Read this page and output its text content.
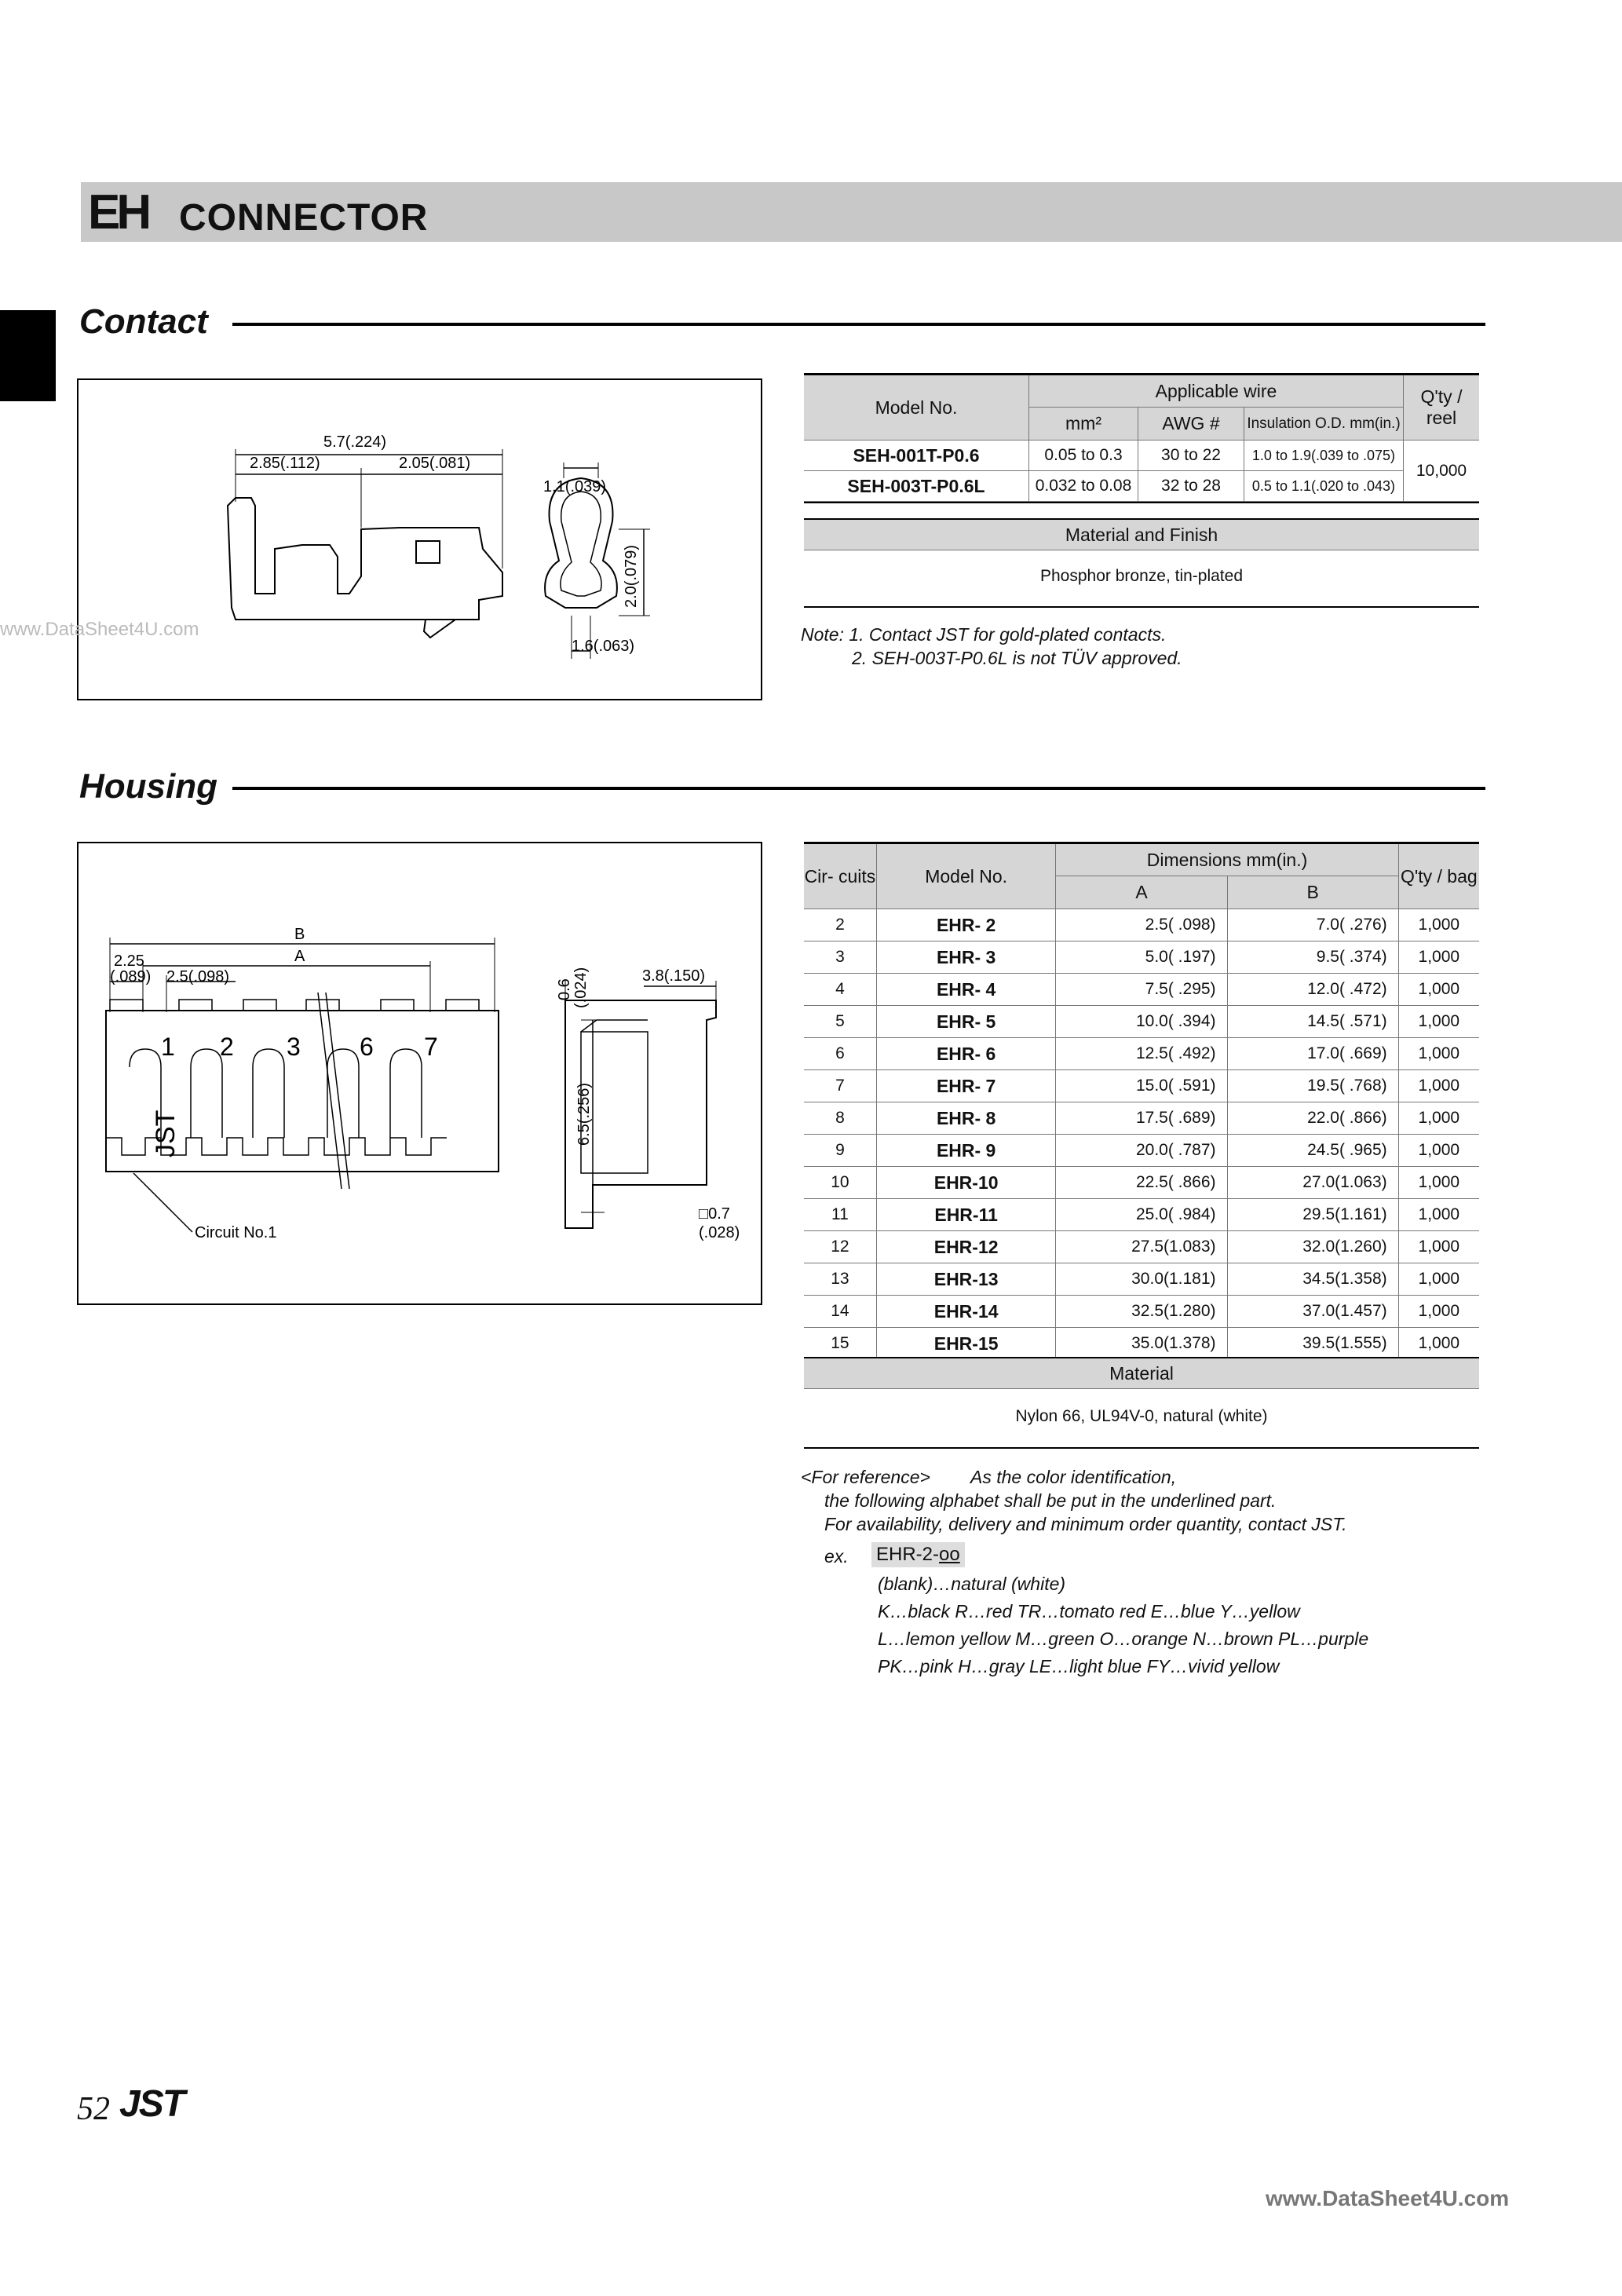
EH CONNECTOR
Contact
5.7(.224)
2.85(.112)	2.05(.081)
1.1(.039)
2.0(.079)
1.6(.063)
Model No.	Applicable wire			Q'ty / reel
	mm²	AWG #	Insulation O.D. mm(in.)	
SEH-001T-P0.6	0.05 to 0.3	30 to 22	1.0 to 1.9(.039 to .075)	10,000
SEH-003T-P0.6L	0.032 to 0.08	32 to 28	0.5 to 1.1(.020 to .043)	
Material and Finish
Phosphor bronze, tin-plated
Note: 1. Contact JST for gold-plated contacts.
2. SEH-003T-P0.6L is not TÜV approved.
Housing
B
A
2.25
(.089) 2.5(.098)
1 2 3 6 7
JST
Circuit No.1
3.8(.150)
0.6 (.024)
6.5(.256)
□0.7
(.028)
Cir- cuits	Model No.	Dimensions mm(in.)		Q'ty / bag
		A	B	
2	EHR- 2	2.5( .098)	7.0( .276)	1,000
3	EHR- 3	5.0( .197)	9.5( .374)	1,000
4	EHR- 4	7.5( .295)	12.0( .472)	1,000
5	EHR- 5	10.0( .394)	14.5( .571)	1,000
6	EHR- 6	12.5( .492)	17.0( .669)	1,000
7	EHR- 7	15.0( .591)	19.5( .768)	1,000
8	EHR- 8	17.5( .689)	22.0( .866)	1,000
9	EHR- 9	20.0( .787)	24.5( .965)	1,000
10	EHR-10	22.5( .866)	27.0(1.063)	1,000
11	EHR-11	25.0( .984)	29.5(1.161)	1,000
12	EHR-12	27.5(1.083)	32.0(1.260)	1,000
13	EHR-13	30.0(1.181)	34.5(1.358)	1,000
14	EHR-14	32.5(1.280)	37.0(1.457)	1,000
15	EHR-15	35.0(1.378)	39.5(1.555)	1,000
Material
Nylon 66, UL94V-0, natural (white)
<For reference> As the color identification,
the following alphabet shall be put in the underlined part.
For availability, delivery and minimum order quantity, contact JST.
ex. EHR-2-oo
(blank)…natural (white)
K…black R…red TR…tomato red E…blue Y…yellow
L…lemon yellow M…green O…orange N…brown PL…purple
PK…pink H…gray LE…light blue FY…vivid yellow
52 JST
www.DataSheet4U.com
www.DataSheet4U.com
